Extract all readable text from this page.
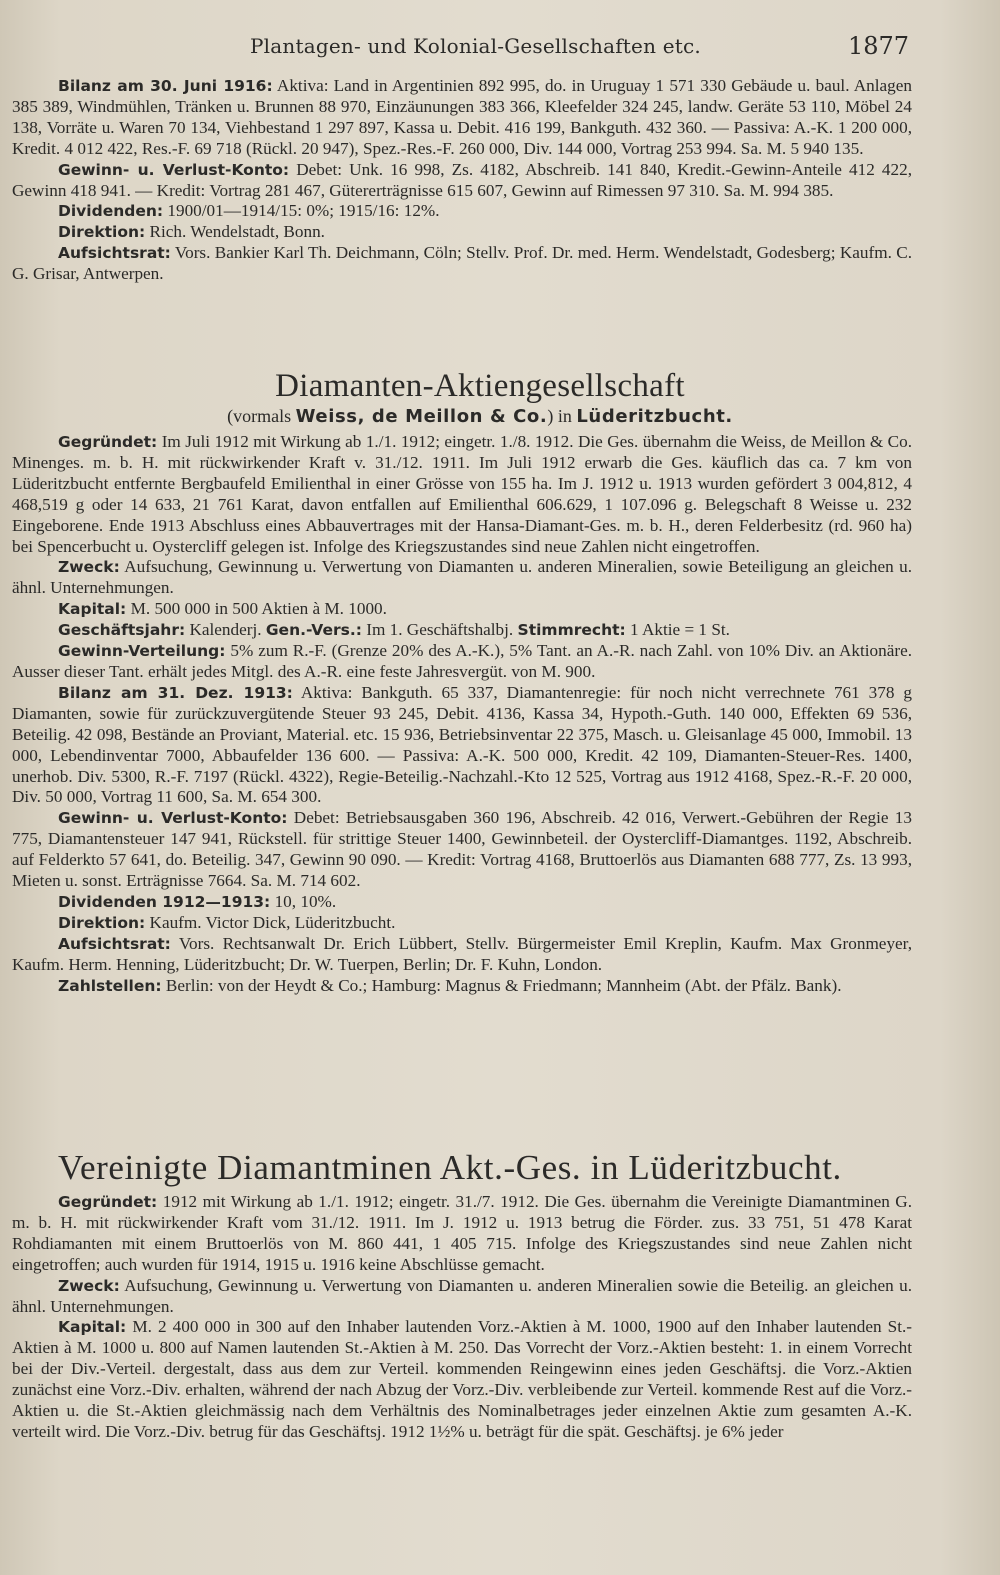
Plantagen- und Kolonial-Gesellschaften etc.	1877

Bilanz am 30. Juni 1916: Aktiva: Land in Argentinien 892 995, do. in Uruguay 1 571 330 Gebäude u. baul. Anlagen 385 389, Windmühlen, Tränken u. Brunnen 88 970, Einzäunungen 383 366, Kleefelder 324 245, landw. Geräte 53 110, Möbel 24 138, Vorräte u. Waren 70 134, Viehbestand 1 297 897, Kassa u. Debit. 416 199, Bankguth. 432 360. — Passiva: A.-K. 1 200 000, Kredit. 4 012 422, Res.-F. 69 718 (Rückl. 20 947), Spez.-Res.-F. 260 000, Div. 144 000, Vortrag 253 994. Sa. M. 5 940 135.

Gewinn- u. Verlust-Konto: Debet: Unk. 16 998, Zs. 4182, Abschreib. 141 840, Kredit.-Gewinn-Anteile 412 422, Gewinn 418 941. — Kredit: Vortrag 281 467, Gütererträgnisse 615 607, Gewinn auf Rimessen 97 310. Sa. M. 994 385.

Dividenden: 1900/01—1914/15: 0%; 1915/16: 12%.

Direktion: Rich. Wendelstadt, Bonn.

Aufsichtsrat: Vors. Bankier Karl Th. Deichmann, Cöln; Stellv. Prof. Dr. med. Herm. Wendelstadt, Godesberg; Kaufm. C. G. Grisar, Antwerpen.

Diamanten-Aktiengesellschaft
(vormals Weiss, de Meillon & Co.) in Lüderitzbucht.

Gegründet: Im Juli 1912 mit Wirkung ab 1./1. 1912; eingetr. 1./8. 1912. Die Ges. übernahm die Weiss, de Meillon & Co. Minenges. m. b. H. mit rückwirkender Kraft v. 31./12. 1911. Im Juli 1912 erwarb die Ges. käuflich das ca. 7 km von Lüderitzbucht entfernte Bergbaufeld Emilienthal in einer Grösse von 155 ha. Im J. 1912 u. 1913 wurden gefördert 3 004,812, 4 468,519 g oder 14 633, 21 761 Karat, davon entfallen auf Emilienthal 606.629, 1 107.096 g. Belegschaft 8 Weisse u. 232 Eingeborene. Ende 1913 Abschluss eines Abbauvertrages mit der Hansa-Diamant-Ges. m. b. H., deren Felderbesitz (rd. 960 ha) bei Spencerbucht u. Oystercliff gelegen ist. Infolge des Kriegszustandes sind neue Zahlen nicht eingetroffen.

Zweck: Aufsuchung, Gewinnung u. Verwertung von Diamanten u. anderen Mineralien, sowie Beteiligung an gleichen u. ähnl. Unternehmungen.

Kapital: M. 500 000 in 500 Aktien à M. 1000.

Geschäftsjahr: Kalenderj. Gen.-Vers.: Im 1. Geschäftshalbj. Stimmrecht: 1 Aktie = 1 St.

Gewinn-Verteilung: 5% zum R.-F. (Grenze 20% des A.-K.), 5% Tant. an A.-R. nach Zahl. von 10% Div. an Aktionäre. Ausser dieser Tant. erhält jedes Mitgl. des A.-R. eine feste Jahresvergüt. von M. 900.

Bilanz am 31. Dez. 1913: Aktiva: Bankguth. 65 337, Diamantenregie: für noch nicht verrechnete 761 378 g Diamanten, sowie für zurückzuvergütende Steuer 93 245, Debit. 4136, Kassa 34, Hypoth.-Guth. 140 000, Effekten 69 536, Beteilig. 42 098, Bestände an Proviant, Material. etc. 15 936, Betriebsinventar 22 375, Masch. u. Gleisanlage 45 000, Immobil. 13 000, Lebendinventar 7000, Abbaufelder 136 600. — Passiva: A.-K. 500 000, Kredit. 42 109, Diamanten-Steuer-Res. 1400, unerhob. Div. 5300, R.-F. 7197 (Rückl. 4322), Regie-Beteilig.-Nachzahl.-Kto 12 525, Vortrag aus 1912 4168, Spez.-R.-F. 20 000, Div. 50 000, Vortrag 11 600, Sa. M. 654 300.

Gewinn- u. Verlust-Konto: Debet: Betriebsausgaben 360 196, Abschreib. 42 016, Verwert.-Gebühren der Regie 13 775, Diamantensteuer 147 941, Rückstell. für strittige Steuer 1400, Gewinnbeteil. der Oystercliff-Diamantges. 1192, Abschreib. auf Felderkto 57 641, do. Beteilig. 347, Gewinn 90 090. — Kredit: Vortrag 4168, Bruttoerlös aus Diamanten 688 777, Zs. 13 993, Mieten u. sonst. Erträgnisse 7664. Sa. M. 714 602.

Dividenden 1912—1913: 10, 10%.

Direktion: Kaufm. Victor Dick, Lüderitzbucht.

Aufsichtsrat: Vors. Rechtsanwalt Dr. Erich Lübbert, Stellv. Bürgermeister Emil Kreplin, Kaufm. Max Gronmeyer, Kaufm. Herm. Henning, Lüderitzbucht; Dr. W. Tuerpen, Berlin; Dr. F. Kuhn, London.

Zahlstellen: Berlin: von der Heydt & Co.; Hamburg: Magnus & Friedmann; Mannheim (Abt. der Pfälz. Bank).

Vereinigte Diamantminen Akt.-Ges. in Lüderitzbucht.

Gegründet: 1912 mit Wirkung ab 1./1. 1912; eingetr. 31./7. 1912. Die Ges. übernahm die Vereinigte Diamantminen G. m. b. H. mit rückwirkender Kraft vom 31./12. 1911. Im J. 1912 u. 1913 betrug die Förder. zus. 33 751, 51 478 Karat Rohdiamanten mit einem Bruttoerlös von M. 860 441, 1 405 715. Infolge des Kriegszustandes sind neue Zahlen nicht eingetroffen; auch wurden für 1914, 1915 u. 1916 keine Abschlüsse gemacht.

Zweck: Aufsuchung, Gewinnung u. Verwertung von Diamanten u. anderen Mineralien sowie die Beteilig. an gleichen u. ähnl. Unternehmungen.

Kapital: M. 2 400 000 in 300 auf den Inhaber lautenden Vorz.-Aktien à M. 1000, 1900 auf den Inhaber lautenden St.-Aktien à M. 1000 u. 800 auf Namen lautenden St.-Aktien à M. 250. Das Vorrecht der Vorz.-Aktien besteht: 1. in einem Vorrecht bei der Div.-Verteil. dergestalt, dass aus dem zur Verteil. kommenden Reingewinn eines jeden Geschäftsj. die Vorz.-Aktien zunächst eine Vorz.-Div. erhalten, während der nach Abzug der Vorz.-Div. verbleibende zur Verteil. kommende Rest auf die Vorz.-Aktien u. die St.-Aktien gleichmässig nach dem Verhältnis des Nominalbetrages jeder einzelnen Aktie zum gesamten A.-K. verteilt wird. Die Vorz.-Div. betrug für das Geschäftsj. 1912 1½% u. beträgt für die spät. Geschäftsj. je 6% jeder
